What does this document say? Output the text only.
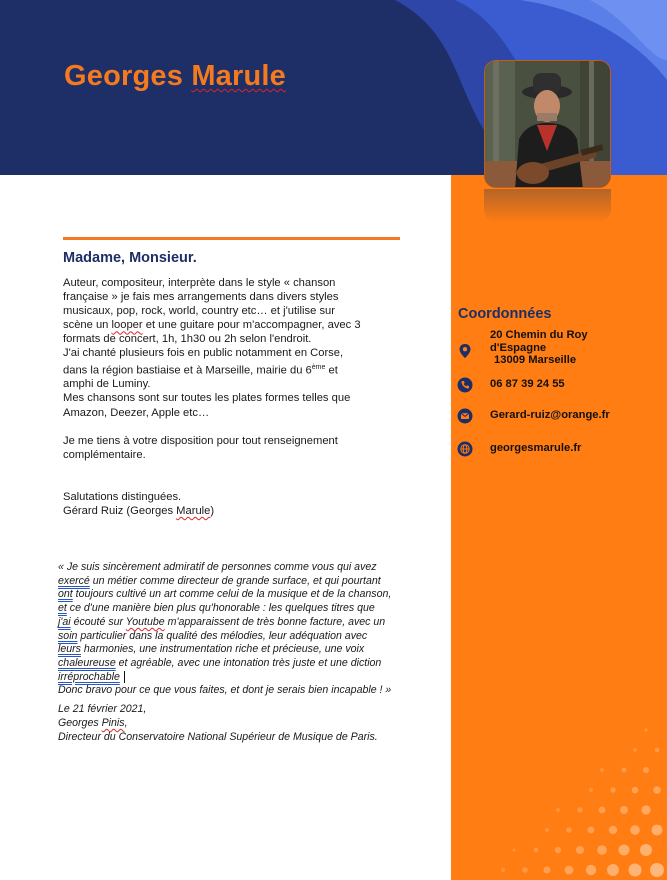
Georges Marule
Madame, Monsieur.

Auteur, compositeur, interprète dans le style « chanson
française » je fais mes arrangements dans divers styles
musicaux, pop, rock, world, country etc… et j'utilise sur
scène un looper et une guitare pour m'accompagner, avec 3
formats de concert, 1h, 1h30 ou 2h selon l'endroit.
J'ai chanté plusieurs fois en public notamment en Corse,
dans la région bastiaise et à Marseille, mairie du 6ème et
amphi de Luminy.
Mes chansons sont sur toutes les plates formes telles que
Amazon, Deezer, Apple etc…

Je me tiens à votre disposition pour tout renseignement
complémentaire.

Salutations distinguées.
Gérard Ruiz (Georges Marule)

« Je suis sincèrement admiratif de personnes comme vous qui avez
exercé un métier comme directeur de grande surface, et qui pourtant
ont toujours cultivé un art comme celui de la musique et de la chanson,
et ce d'une manière bien plus qu'honorable : les quelques titres que
j'ai écouté sur Youtube m'apparaissent de très bonne facture, avec un
soin particulier dans la qualité des mélodies, leur adéquation avec
leurs harmonies, une instrumentation riche et précieuse, une voix
chaleureuse et agréable, avec une intonation très juste et une diction
irréprochable
Donc bravo pour ce que vous faites, et dont je serais bien incapable ! »
Le 21 février 2021,
Georges Pinis,
Directeur du Conservatoire National Supérieur de Musique de Paris.
Coordonnées
20 Chemin du Roy
d'Espagne
13009 Marseille
06 87 39 24 55
Gerard-ruiz@orange.fr
georgesmarule.fr
